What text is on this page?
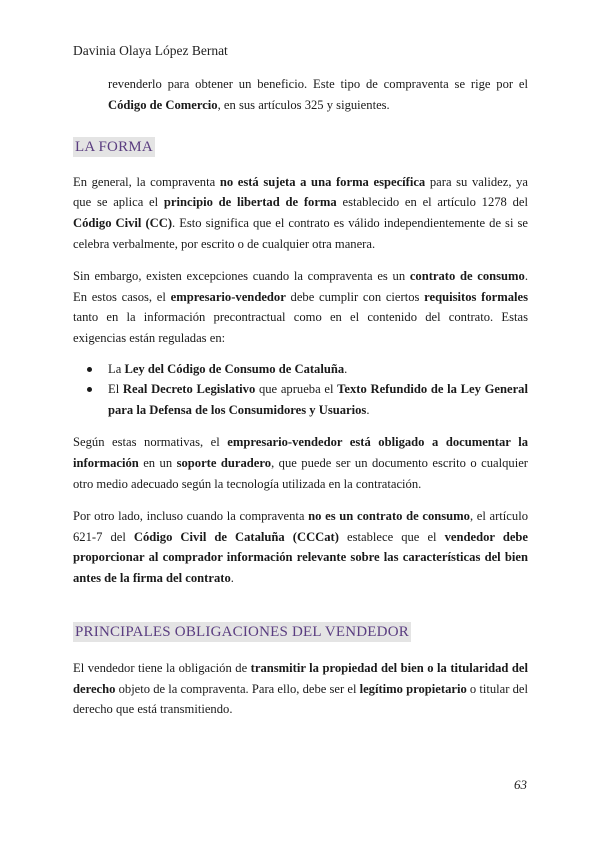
Davinia Olaya López Bernat

revenderlo para obtener un beneficio. Este tipo de compraventa se rige por el Código de Comercio, en sus artículos 325 y siguientes.

LA FORMA

En general, la compraventa no está sujeta a una forma específica para su validez, ya que se aplica el principio de libertad de forma establecido en el artículo 1278 del Código Civil (CC). Esto significa que el contrato es válido independientemente de si se celebra verbalmente, por escrito o de cualquier otra manera.

Sin embargo, existen excepciones cuando la compraventa es un contrato de consumo. En estos casos, el empresario-vendedor debe cumplir con ciertos requisitos formales tanto en la información precontractual como en el contenido del contrato. Estas exigencias están reguladas en:

La Ley del Código de Consumo de Cataluña.
El Real Decreto Legislativo que aprueba el Texto Refundido de la Ley General para la Defensa de los Consumidores y Usuarios.

Según estas normativas, el empresario-vendedor está obligado a documentar la información en un soporte duradero, que puede ser un documento escrito o cualquier otro medio adecuado según la tecnología utilizada en la contratación.

Por otro lado, incluso cuando la compraventa no es un contrato de consumo, el artículo 621-7 del Código Civil de Cataluña (CCCat) establece que el vendedor debe proporcionar al comprador información relevante sobre las características del bien antes de la firma del contrato.

PRINCIPALES OBLIGACIONES DEL VENDEDOR

El vendedor tiene la obligación de transmitir la propiedad del bien o la titularidad del derecho objeto de la compraventa. Para ello, debe ser el legítimo propietario o titular del derecho que está transmitiendo.

63
